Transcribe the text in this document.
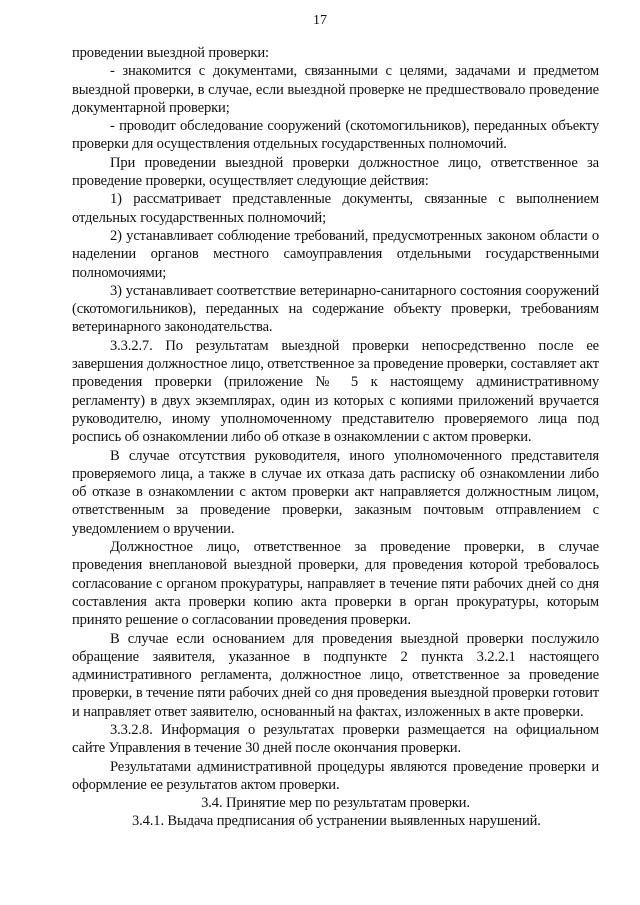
17

проведении выездной проверки:

- знакомится с документами, связанными с целями, задачами и предметом выездной проверки, в случае, если выездной проверке не предшествовало проведение документарной проверки;

- проводит обследование сооружений (скотомогильников), переданных объекту проверки для осуществления отдельных государственных полномочий.

При проведении выездной проверки должностное лицо, ответственное за проведение проверки, осуществляет следующие действия:

1) рассматривает представленные документы, связанные с выполнением отдельных государственных полномочий;

2) устанавливает соблюдение требований, предусмотренных законом области о наделении органов местного самоуправления отдельными государственными полномочиями;

3) устанавливает соответствие ветеринарно-санитарного состояния сооружений (скотомогильников), переданных на содержание объекту проверки, требованиям ветеринарного законодательства.

3.3.2.7. По результатам выездной проверки непосредственно после ее завершения должностное лицо, ответственное за проведение проверки, составляет акт проведения проверки (приложение № 5 к настоящему административному регламенту) в двух экземплярах, один из которых с копиями приложений вручается руководителю, иному уполномоченному представителю проверяемого лица под роспись об ознакомлении либо об отказе в ознакомлении с актом проверки.

В случае отсутствия руководителя, иного уполномоченного представителя проверяемого лица, а также в случае их отказа дать расписку об ознакомлении либо об отказе в ознакомлении с актом проверки акт направляется должностным лицом, ответственным за проведение проверки, заказным почтовым отправлением с уведомлением о вручении.

Должностное лицо, ответственное за проведение проверки, в случае проведения внеплановой выездной проверки, для проведения которой требовалось согласование с органом прокуратуры, направляет в течение пяти рабочих дней со дня составления акта проверки копию акта проверки в орган прокуратуры, которым принято решение о согласовании проведения проверки.

В случае если основанием для проведения выездной проверки послужило обращение заявителя, указанное в подпункте 2 пункта 3.2.2.1 настоящего административного регламента, должностное лицо, ответственное за проведение проверки, в течение пяти рабочих дней со дня проведения выездной проверки готовит и направляет ответ заявителю, основанный на фактах, изложенных в акте проверки.

3.3.2.8. Информация о результатах проверки размещается на официальном сайте Управления в течение 30 дней после окончания проверки.

Результатами административной процедуры являются проведение проверки и оформление ее результатов актом проверки.

3.4. Принятие мер по результатам проверки.

3.4.1. Выдача предписания об устранении выявленных нарушений.
